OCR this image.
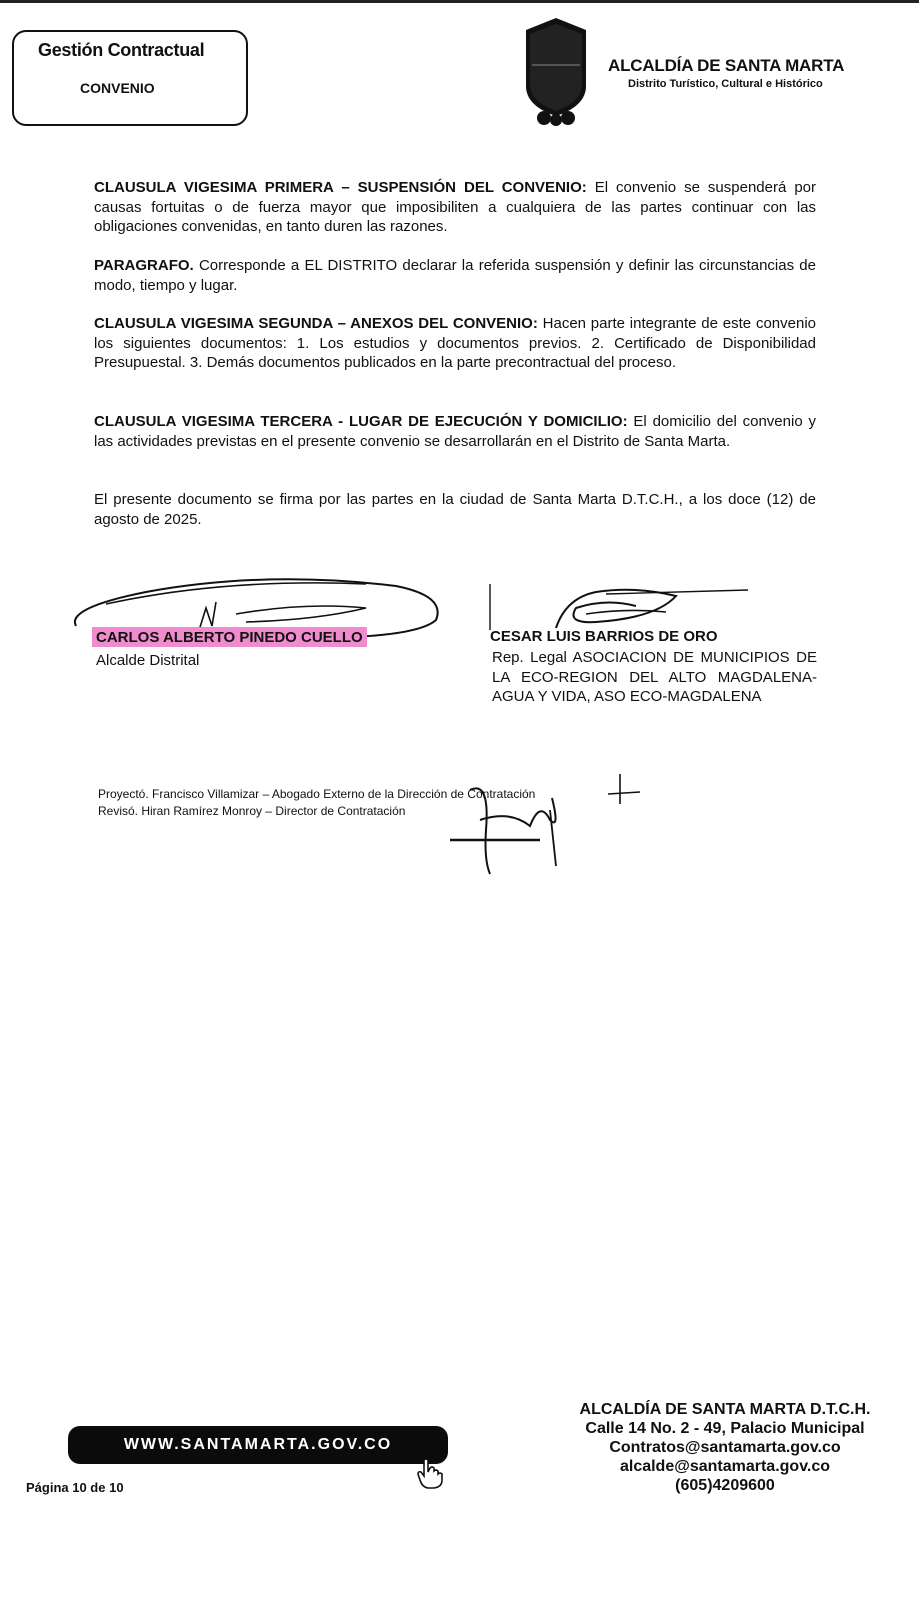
Gestión Contractual
CONVENIO
ALCALDÍA DE SANTA MARTA
Distrito Turístico, Cultural e Histórico
CLAUSULA VIGESIMA PRIMERA – SUSPENSIÓN DEL CONVENIO: El convenio se suspenderá por causas fortuitas o de fuerza mayor que imposibiliten a cualquiera de las partes continuar con las obligaciones convenidas, en tanto duren las razones.
PARAGRAFO. Corresponde a EL DISTRITO declarar la referida suspensión y definir las circunstancias de modo, tiempo y lugar.
CLAUSULA VIGESIMA SEGUNDA – ANEXOS DEL CONVENIO: Hacen parte integrante de este convenio los siguientes documentos: 1. Los estudios y documentos previos. 2. Certificado de Disponibilidad Presupuestal. 3. Demás documentos publicados en la parte precontractual del proceso.
CLAUSULA VIGESIMA TERCERA - LUGAR DE EJECUCIÓN Y DOMICILIO: El domicilio del convenio y las actividades previstas en el presente convenio se desarrollarán en el Distrito de Santa Marta.
El presente documento se firma por las partes en la ciudad de Santa Marta D.T.C.H., a los doce (12) de agosto de 2025.
CARLOS ALBERTO PINEDO CUELLO
Alcalde Distrital
CESAR LUIS BARRIOS DE ORO
Rep. Legal ASOCIACION DE MUNICIPIOS DE LA ECO-REGION DEL ALTO MAGDALENA-AGUA Y VIDA, ASO ECO-MAGDALENA
Proyectó. Francisco Villamizar – Abogado Externo de la Dirección de Contratación
Revisó. Hiran Ramírez Monroy – Director de Contratación
WWW.SANTAMARTA.GOV.CO
Página 10 de 10
ALCALDÍA DE SANTA MARTA D.T.C.H.
Calle 14 No. 2 - 49, Palacio Municipal
Contratos@santamarta.gov.co
alcalde@santamarta.gov.co
(605)4209600
